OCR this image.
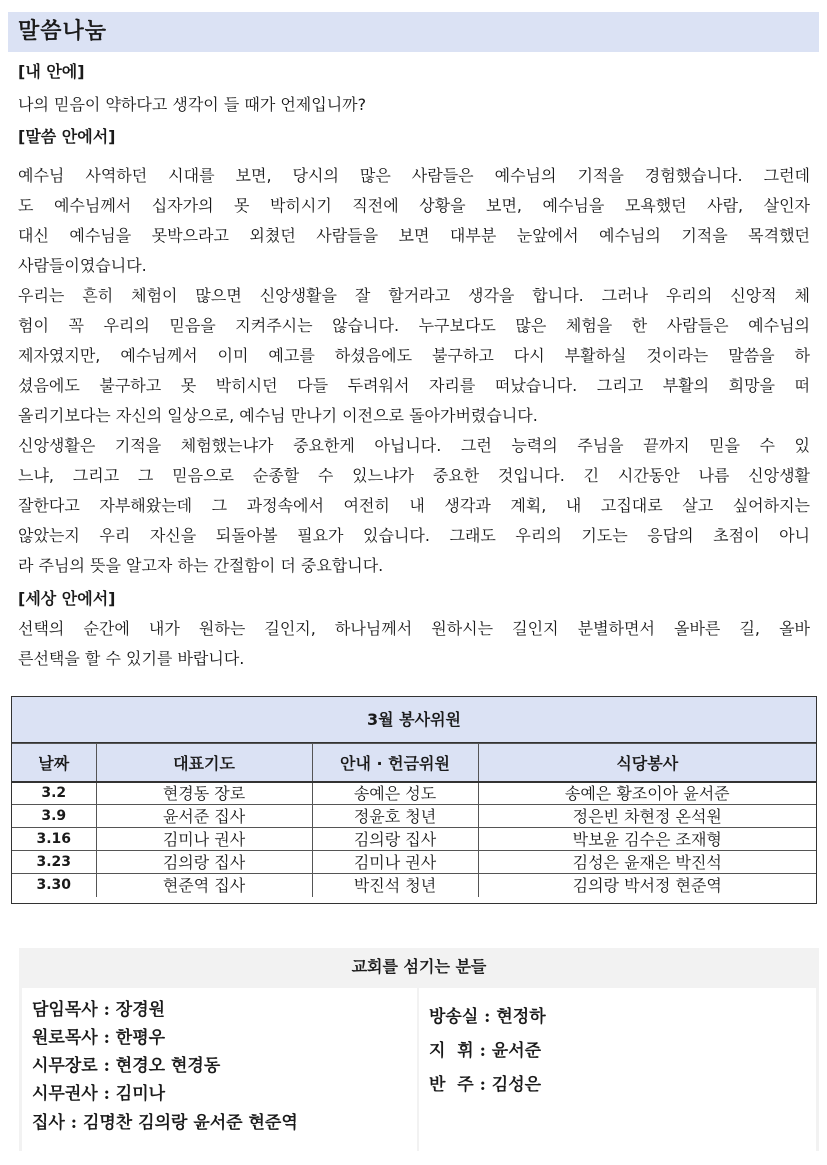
말씀나눔
[내 안에]
나의 믿음이 약하다고 생각이 들 때가 언제입니까?
[말씀 안에서]
예수님 사역하던 시대를 보면, 당시의 많은 사람들은 예수님의 기적을 경험했습니다. 그런데
도 예수님께서 십자가의 못 박히시기 직전에 상황을 보면, 예수님을 모욕했던 사람, 살인자
대신 예수님을 못박으라고 외쳤던 사람들을 보면 대부분 눈앞에서 예수님의 기적을 목격했던
사람들이였습니다.
우리는 흔히 체험이 많으면 신앙생활을 잘 할거라고 생각을 합니다. 그러나 우리의 신앙적 체
험이 꼭 우리의 믿음을 지켜주시는 않습니다. 누구보다도 많은 체험을 한 사람들은 예수님의
제자였지만, 예수님께서 이미 예고를 하셨음에도 불구하고 다시 부활하실 것이라는 말씀을 하
셨음에도 불구하고 못 박히시던 다들 두려워서 자리를 떠났습니다. 그리고 부활의 희망을 떠
올리기보다는 자신의 일상으로, 예수님 만나기 이전으로 돌아가버렸습니다.
신앙생활은 기적을 체험했는냐가 중요한게 아닙니다. 그런 능력의 주님을 끝까지 믿을 수 있
느냐, 그리고 그 믿음으로 순종할 수 있느냐가 중요한 것입니다. 긴 시간동안 나름 신앙생활
잘한다고 자부해왔는데 그 과정속에서 여전히 내 생각과 계획, 내 고집대로 살고 싶어하지는
않았는지 우리 자신을 되돌아볼 필요가 있습니다. 그래도 우리의 기도는 응답의 초점이 아니
라 주님의 뜻을 알고자 하는 간절함이 더 중요합니다.
[세상 안에서]
선택의 순간에 내가 원하는 길인지, 하나님께서 원하시는 길인지 분별하면서 올바른 길, 올바
른선택을 할 수 있기를 바랍니다.
3월 봉사위원
날짜	대표기도	안내 · 헌금위원	식당봉사
3.2	현경동 장로	송예은 성도	송예은 황조이아 윤서준
3.9	윤서준 집사	정윤호 청년	정은빈 차현정 온석원
3.16	김미나 권사	김의랑 집사	박보윤 김수은 조재형
3.23	김의랑 집사	김미나 권사	김성은 윤재은 박진석
3.30	현준역 집사	박진석 청년	김의랑 박서정 현준역
교회를 섬기는 분들
담임목사 : 장경원
원로목사 : 한평우
시무장로 : 현경오 현경동
시무권사 : 김미나
집사 : 김명찬 김의랑 윤서준 현준역
방송실 : 현정하
지  휘 : 윤서준
반  주 : 김성은
